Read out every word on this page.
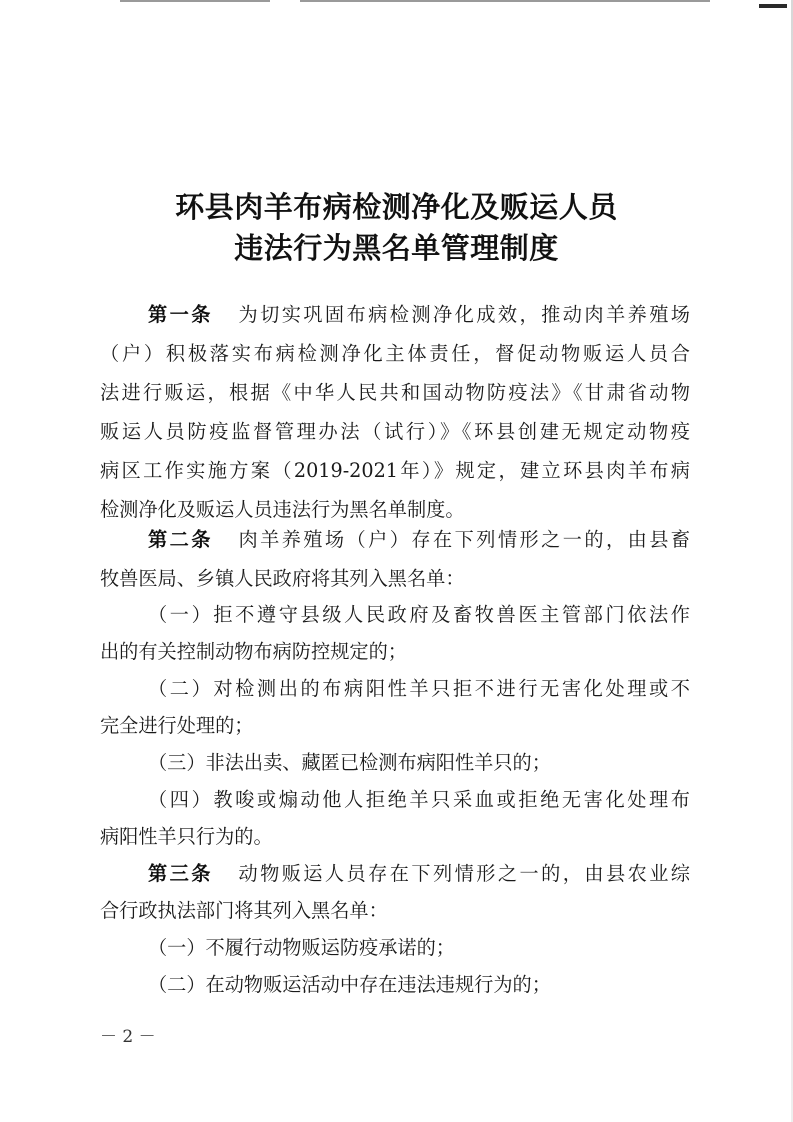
环县肉羊布病检测净化及贩运人员
违法行为黑名单管理制度
第一条 为切实巩固布病检测净化成效，推动肉羊养殖场
（户）积极落实布病检测净化主体责任，督促动物贩运人员合
法进行贩运，根据《中华人民共和国动物防疫法》《甘肃省动物
贩运人员防疫监督管理办法（试行）》《环县创建无规定动物疫
病区工作实施方案（2019-2021年）》规定，建立环县肉羊布病
检测净化及贩运人员违法行为黑名单制度。
第二条 肉羊养殖场（户）存在下列情形之一的，由县畜
牧兽医局、乡镇人民政府将其列入黑名单：
（一）拒不遵守县级人民政府及畜牧兽医主管部门依法作
出的有关控制动物布病防控规定的；
（二）对检测出的布病阳性羊只拒不进行无害化处理或不
完全进行处理的；
（三）非法出卖、藏匿已检测布病阳性羊只的；
（四）教唆或煽动他人拒绝羊只采血或拒绝无害化处理布
病阳性羊只行为的。
第三条 动物贩运人员存在下列情形之一的，由县农业综
合行政执法部门将其列入黑名单：
（一）不履行动物贩运防疫承诺的；
（二）在动物贩运活动中存在违法违规行为的；
－ 2 －
